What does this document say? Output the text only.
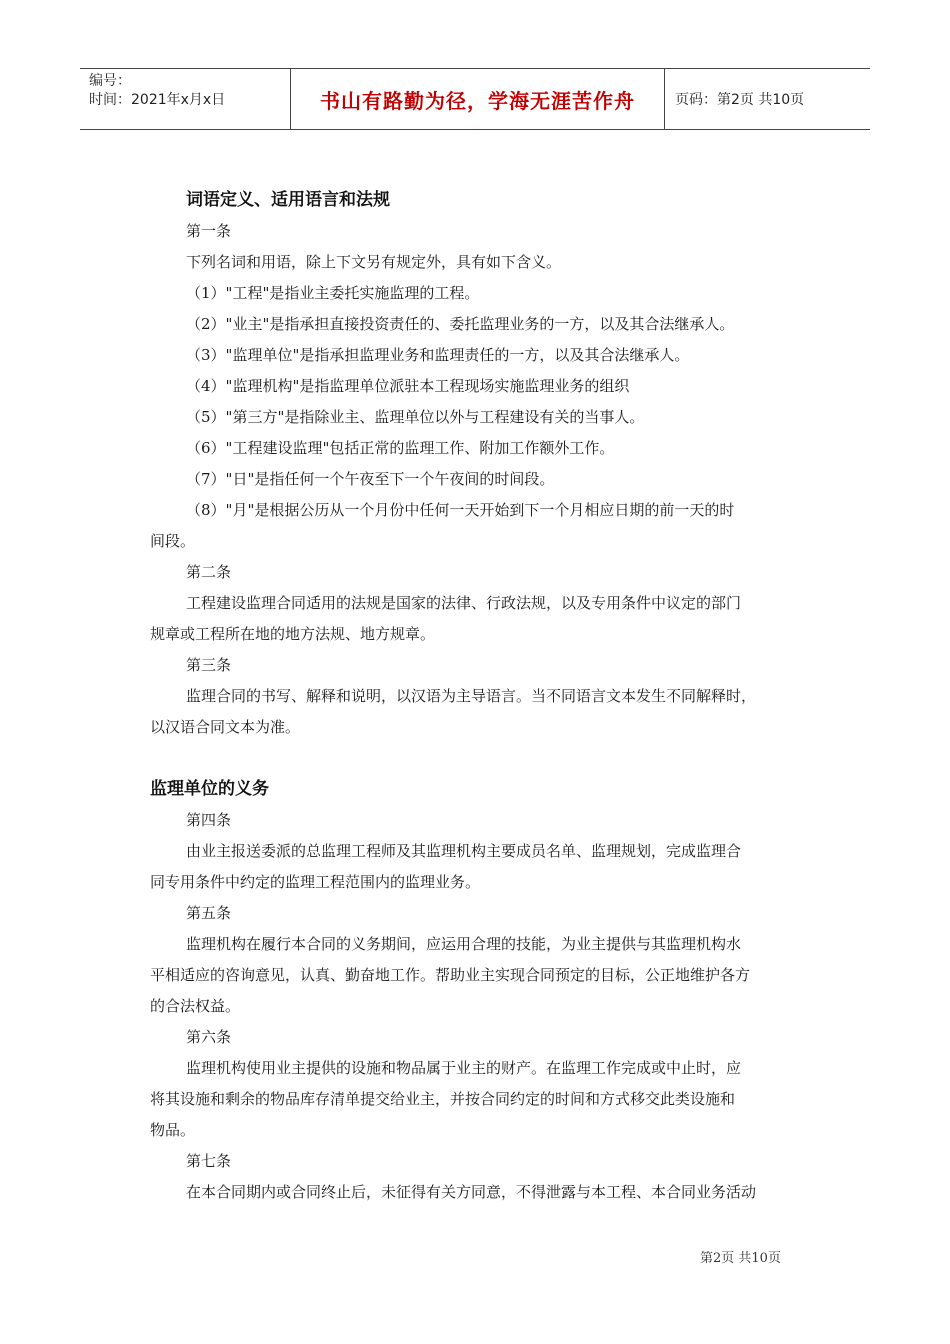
编号：
时间：2021年x月x日	书山有路勤为径，学海无涯苦作舟	页码：第2页 共10页
词语定义、适用语言和法规
第一条
下列名词和用语，除上下文另有规定外，具有如下含义。
（1）"工程"是指业主委托实施监理的工程。
（2）"业主"是指承担直接投资责任的、委托监理业务的一方，以及其合法继承人。
（3）"监理单位"是指承担监理业务和监理责任的一方，以及其合法继承人。
（4）"监理机构"是指监理单位派驻本工程现场实施监理业务的组织
（5）"第三方"是指除业主、监理单位以外与工程建设有关的当事人。
（6）"工程建设监理"包括正常的监理工作、附加工作额外工作。
（7）"日"是指任何一个午夜至下一个午夜间的时间段。
（8）"月"是根据公历从一个月份中任何一天开始到下一个月相应日期的前一天的时
间段。
第二条
工程建设监理合同适用的法规是国家的法律、行政法规，以及专用条件中议定的部门
规章或工程所在地的地方法规、地方规章。
第三条
监理合同的书写、解释和说明，以汉语为主导语言。当不同语言文本发生不同解释时，
以汉语合同文本为准。
监理单位的义务
第四条
由业主报送委派的总监理工程师及其监理机构主要成员名单、监理规划，完成监理合
同专用条件中约定的监理工程范围内的监理业务。
第五条
监理机构在履行本合同的义务期间，应运用合理的技能，为业主提供与其监理机构水
平相适应的咨询意见，认真、勤奋地工作。帮助业主实现合同预定的目标，公正地维护各方
的合法权益。
第六条
监理机构使用业主提供的设施和物品属于业主的财产。在监理工作完成或中止时，应
将其设施和剩余的物品库存清单提交给业主，并按合同约定的时间和方式移交此类设施和
物品。
第七条
在本合同期内或合同终止后，未征得有关方同意，不得泄露与本工程、本合同业务活动
第2页 共10页
